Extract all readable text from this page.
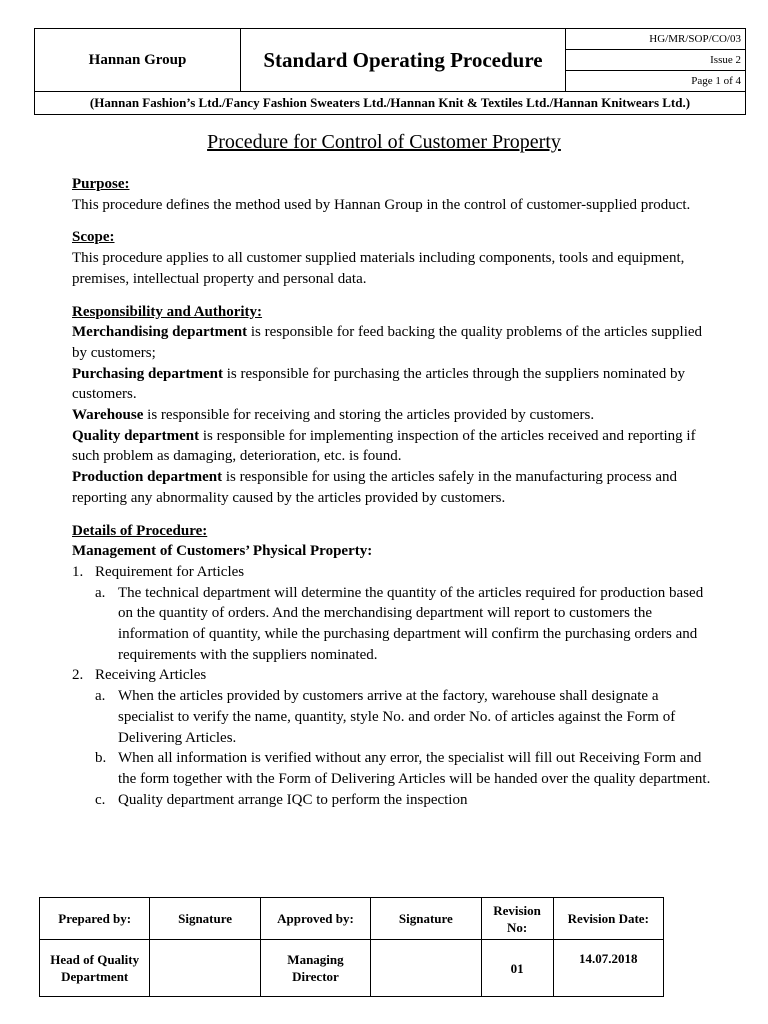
Hannan Group	Standard Operating Procedure	HG/MR/SOP/CO/03
Issue 2
Page 1 of 4
(Hannan Fashion’s Ltd./Fancy Fashion Sweaters Ltd./Hannan Knit & Textiles Ltd./Hannan Knitwears Ltd.)
Procedure for Control of Customer Property
Purpose:
This procedure defines the method used by Hannan Group in the control of customer-supplied product.
Scope:
This procedure applies to all customer supplied materials including components, tools and equipment, premises, intellectual property and personal data.
Responsibility and Authority:
Merchandising department is responsible for feed backing the quality problems of the articles supplied by customers;
Purchasing department is responsible for purchasing the articles through the suppliers nominated by customers.
Warehouse is responsible for receiving and storing the articles provided by customers.
Quality department is responsible for implementing inspection of the articles received and reporting if such problem as damaging, deterioration, etc. is found.
Production department is responsible for using the articles safely in the manufacturing process and reporting any abnormality caused by the articles provided by customers.
Details of Procedure:
Management of Customers’ Physical Property:
1. Requirement for Articles
a. The technical department will determine the quantity of the articles required for production based on the quantity of orders. And the merchandising department will report to customers the information of quantity, while the purchasing department will confirm the purchasing orders and requirements with the suppliers nominated.
2. Receiving Articles
a. When the articles provided by customers arrive at the factory, warehouse shall designate a specialist to verify the name, quantity, style No. and order No. of articles against the Form of Delivering Articles.
b. When all information is verified without any error, the specialist will fill out Receiving Form and the form together with the Form of Delivering Articles will be handed over the quality department.
c. Quality department arrange IQC to perform the inspection
Prepared by:	Signature	Approved by:	Signature	Revision No:	Revision Date:
Head of Quality Department		Managing Director		01	14.07.2018
